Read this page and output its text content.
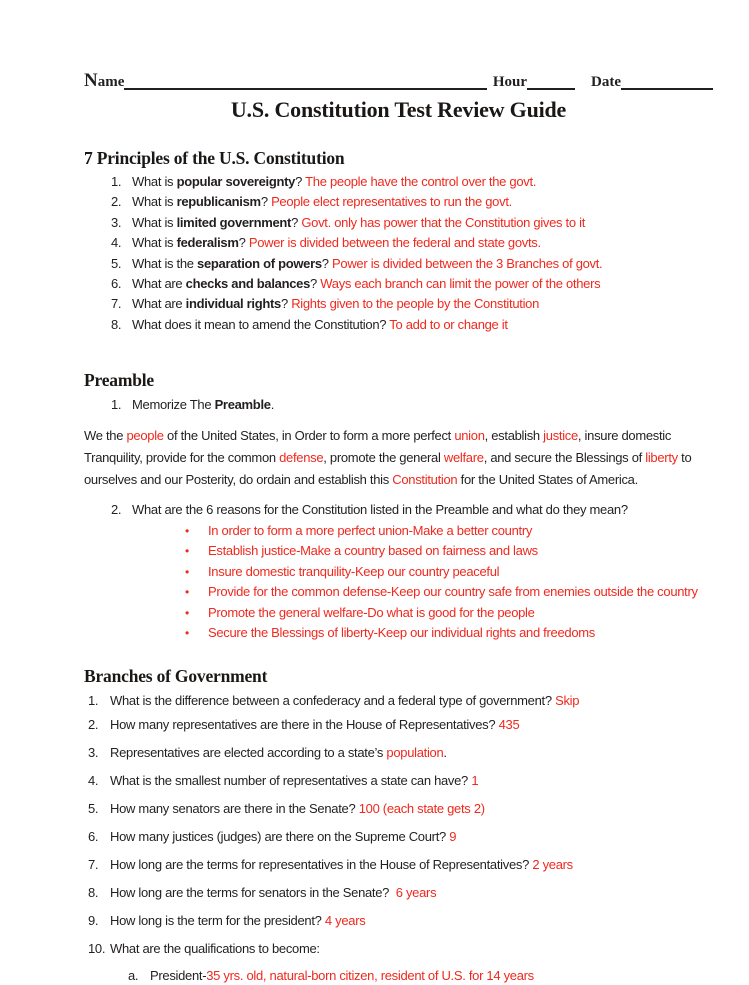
Name	Hour	Date
U.S. Constitution Test Review Guide
7 Principles of the U.S. Constitution
1. What is popular sovereignty? The people have the control over the govt.
2. What is republicanism? People elect representatives to run the govt.
3. What is limited government? Govt. only has power that the Constitution gives to it
4. What is federalism? Power is divided between the federal and state govts.
5. What is the separation of powers? Power is divided between the 3 Branches of govt.
6. What are checks and balances? Ways each branch can limit the power of the others
7. What are individual rights? Rights given to the people by the Constitution
8. What does it mean to amend the Constitution? To add to or change it
Preamble
1. Memorize The Preamble.

We the people of the United States, in Order to form a more perfect union, establish justice, insure domestic Tranquility, provide for the common defense, promote the general welfare, and secure the Blessings of liberty to ourselves and our Posterity, do ordain and establish this Constitution for the United States of America.

2. What are the 6 reasons for the Constitution listed in the Preamble and what do they mean?
•	In order to form a more perfect union-Make a better country
•	Establish justice-Make a country based on fairness and laws
•	Insure domestic tranquility-Keep our country peaceful
•	Provide for the common defense-Keep our country safe from enemies outside the country
•	Promote the general welfare-Do what is good for the people
•	Secure the Blessings of liberty-Keep our individual rights and freedoms
Branches of Government
1. What is the difference between a confederacy and a federal type of government? Skip
2. How many representatives are there in the House of Representatives? 435
3. Representatives are elected according to a state’s population.
4. What is the smallest number of representatives a state can have? 1
5. How many senators are there in the Senate? 100 (each state gets 2)
6. How many justices (judges) are there on the Supreme Court? 9
7. How long are the terms for representatives in the House of Representatives? 2 years
8. How long are the terms for senators in the Senate?  6 years
9. How long is the term for the president? 4 years
10. What are the qualifications to become:
a. President-35 yrs. old, natural-born citizen, resident of U.S. for 14 years
